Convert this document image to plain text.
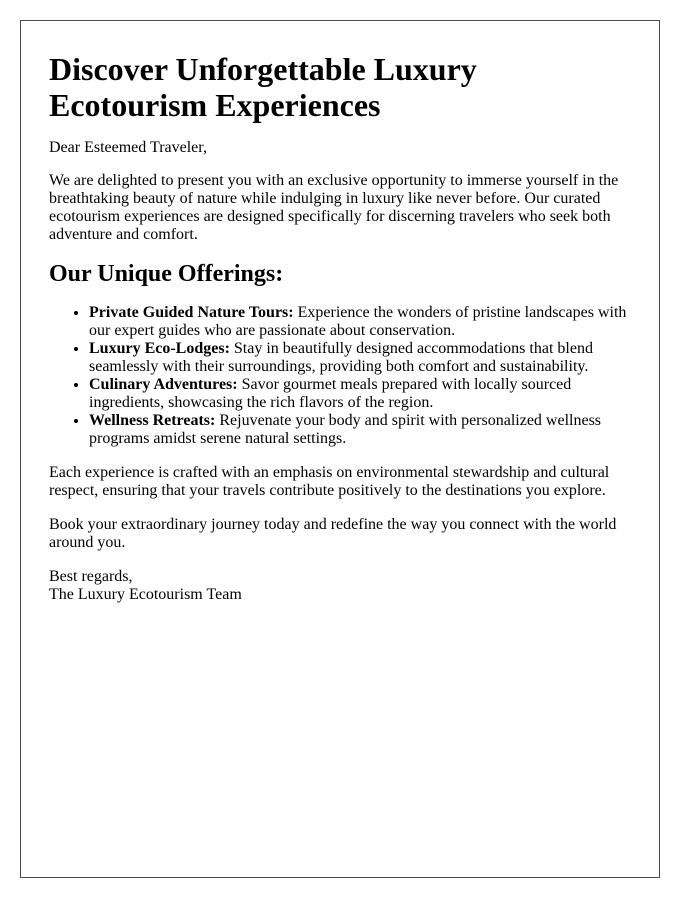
Discover Unforgettable Luxury Ecotourism Experiences

Dear Esteemed Traveler,

We are delighted to present you with an exclusive opportunity to immerse yourself in the breathtaking beauty of nature while indulging in luxury like never before. Our curated ecotourism experiences are designed specifically for discerning travelers who seek both adventure and comfort.

Our Unique Offerings:
• Private Guided Nature Tours: Experience the wonders of pristine landscapes with our expert guides who are passionate about conservation.
• Luxury Eco-Lodges: Stay in beautifully designed accommodations that blend seamlessly with their surroundings, providing both comfort and sustainability.
• Culinary Adventures: Savor gourmet meals prepared with locally sourced ingredients, showcasing the rich flavors of the region.
• Wellness Retreats: Rejuvenate your body and spirit with personalized wellness programs amidst serene natural settings.

Each experience is crafted with an emphasis on environmental stewardship and cultural respect, ensuring that your travels contribute positively to the destinations you explore.

Book your extraordinary journey today and redefine the way you connect with the world around you.

Best regards,
The Luxury Ecotourism Team
